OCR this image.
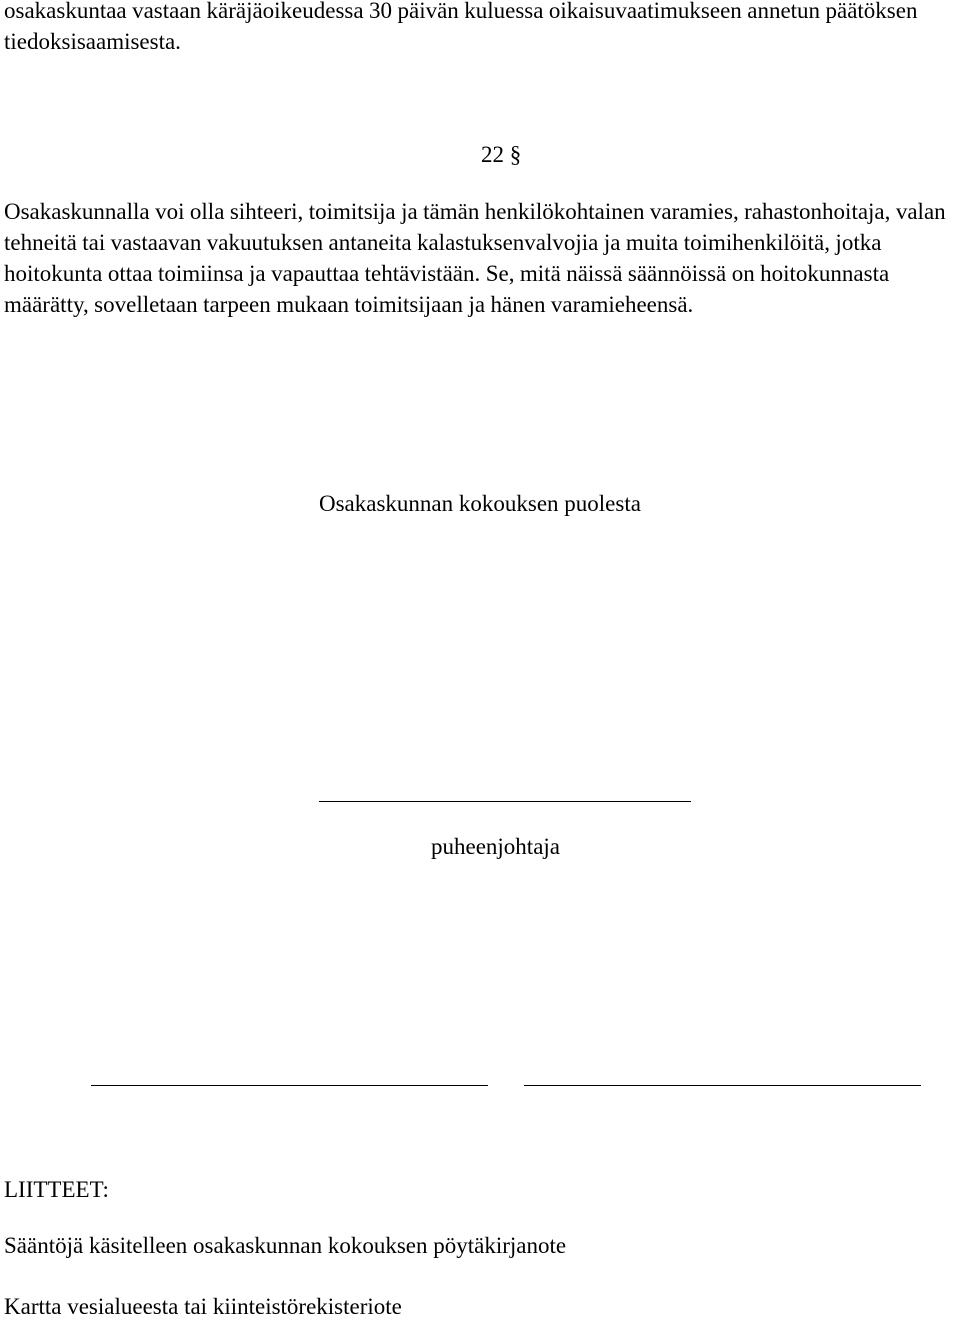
osakaskuntaa vastaan käräjäoikeudessa 30 päivän kuluessa oikaisuvaatimukseen annetun päätöksen tiedoksisaamisesta.

22 §

Osakaskunnalla voi olla sihteeri, toimitsija ja tämän henkilökohtainen varamies, rahastonhoitaja, valan tehneitä tai vastaavan vakuutuksen antaneita kalastuksenvalvojia ja muita toimihenkilöitä, jotka hoitokunta ottaa toimiinsa ja vapauttaa tehtävistään. Se, mitä näissä säännöissä on hoitokunnasta määrätty, sovelletaan tarpeen mukaan toimitsijaan ja hänen varamieheensä.

Osakaskunnan kokouksen puolesta

puheenjohtaja

LIITTEET:

Sääntöjä käsitelleen osakaskunnan kokouksen pöytäkirjanote

Kartta vesialueesta tai kiinteistörekisteriote
